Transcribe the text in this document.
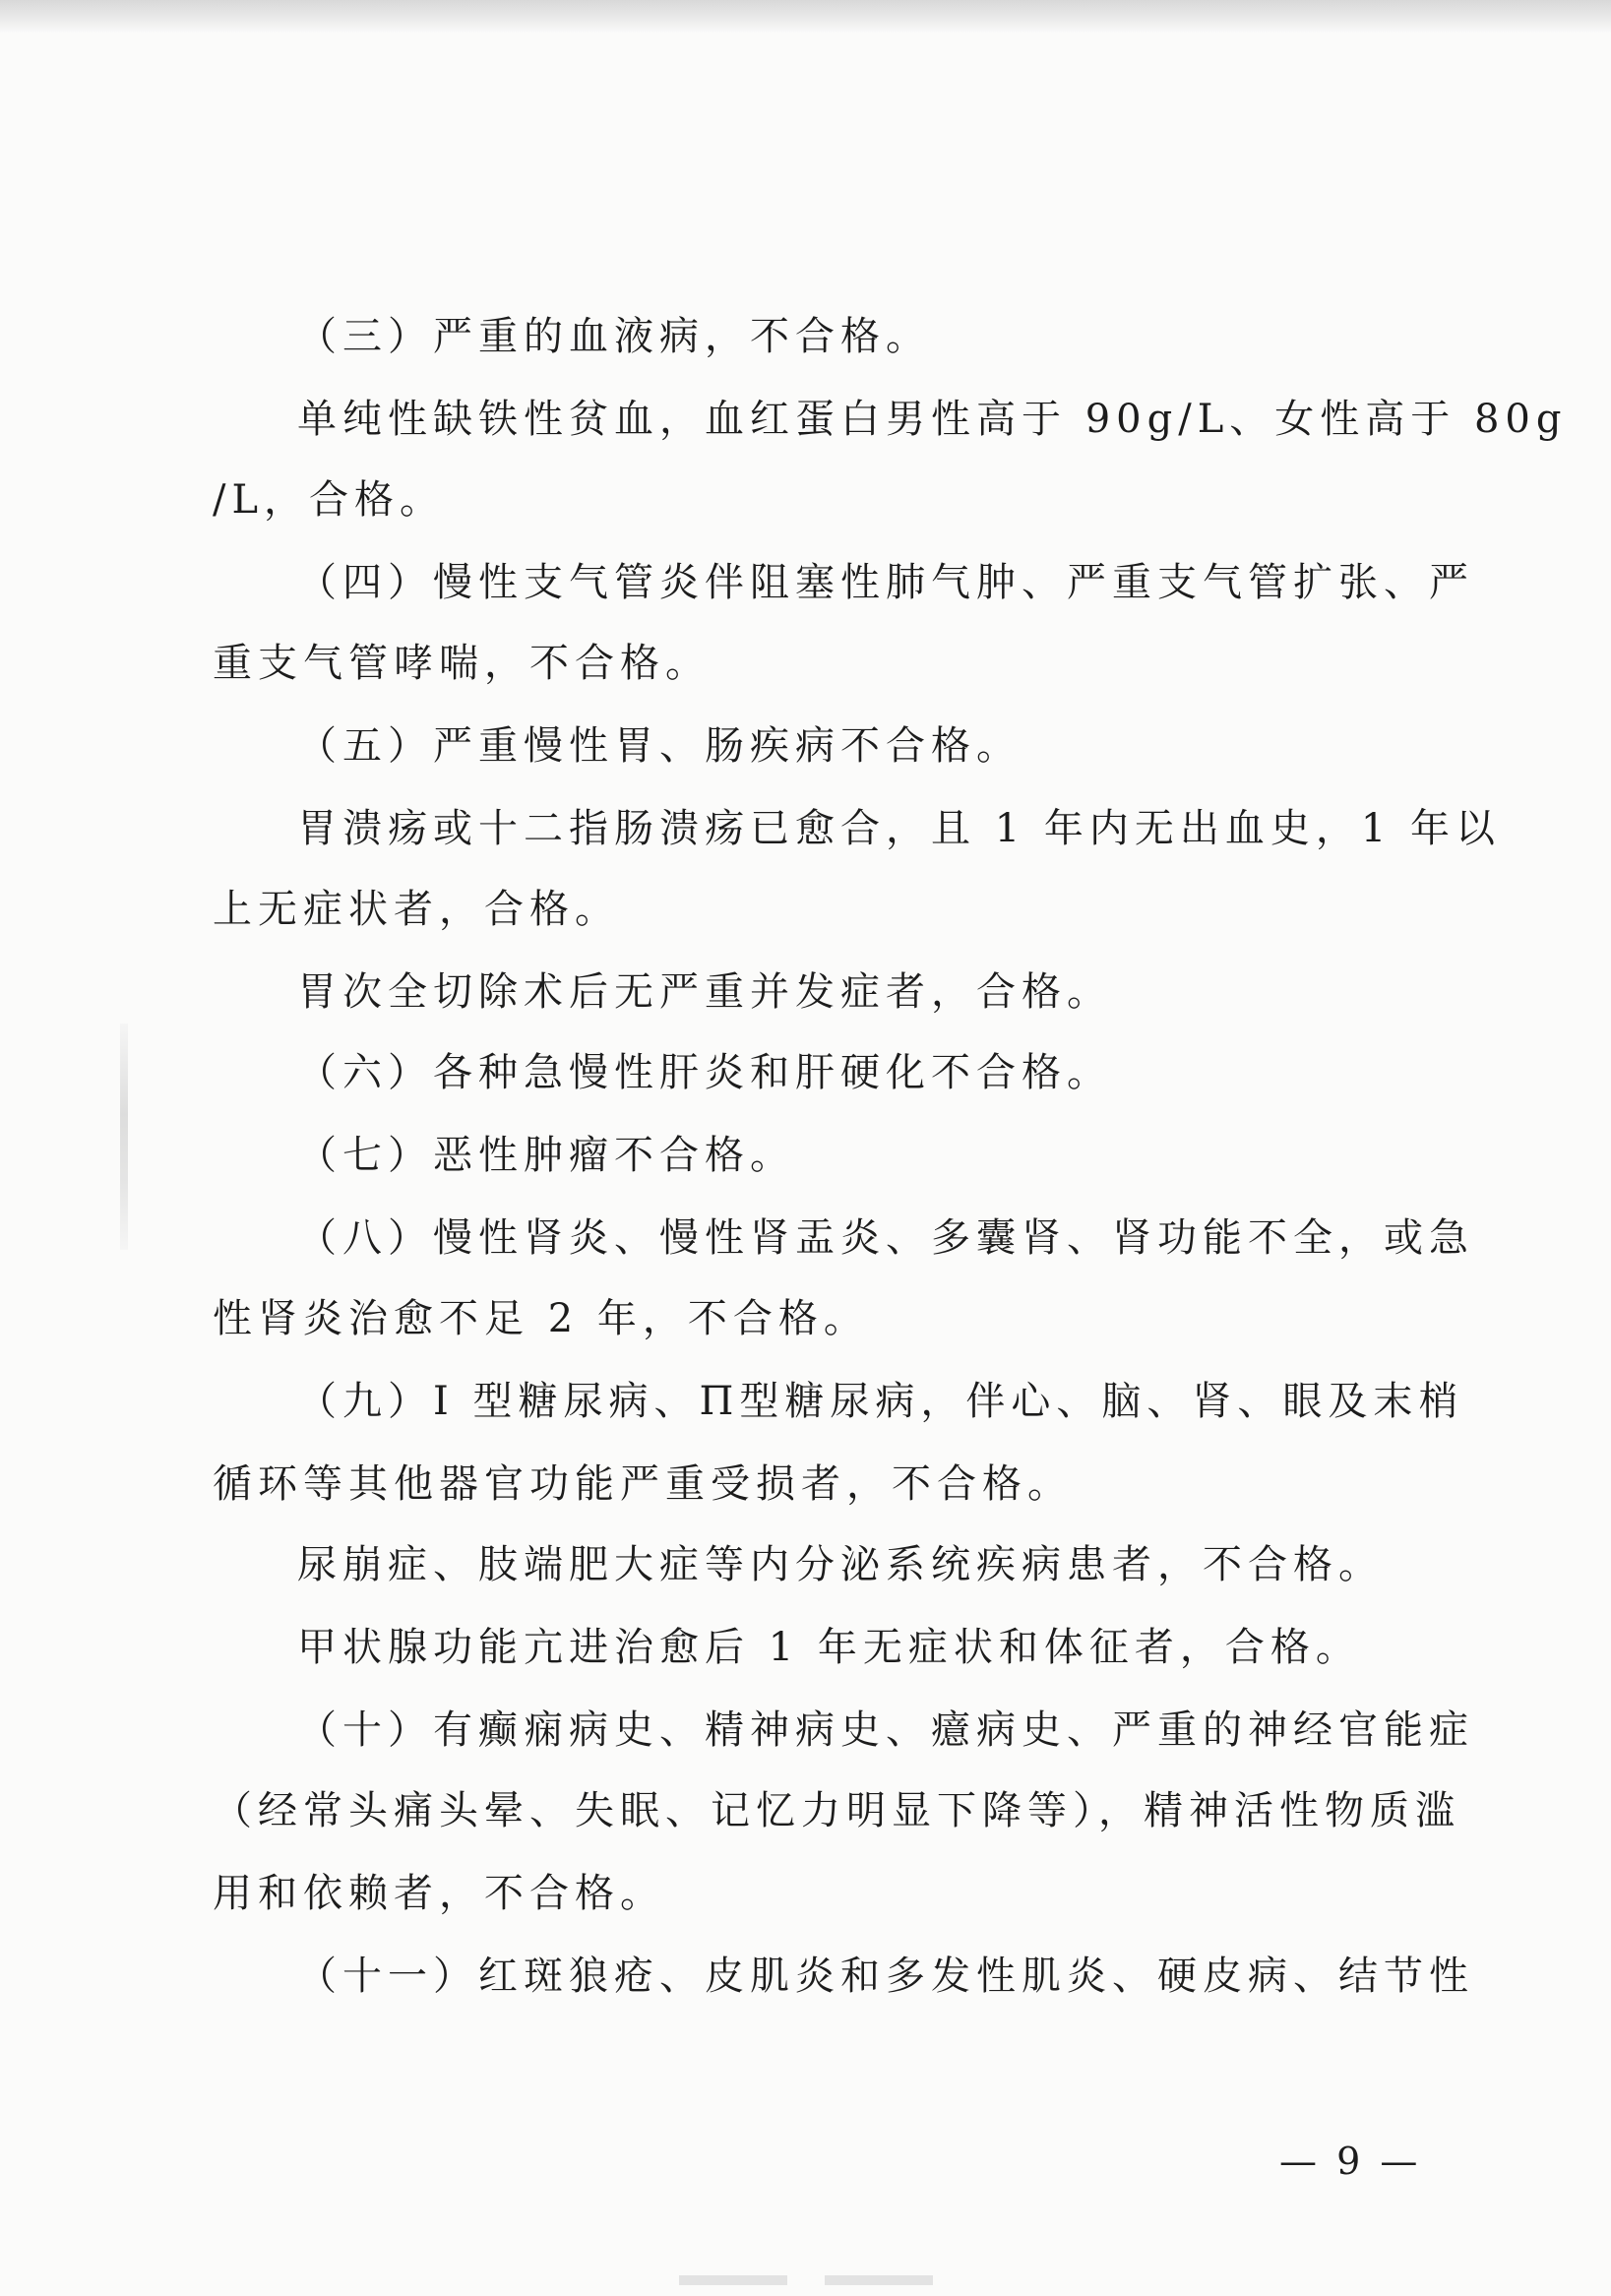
（三）严重的血液病，不合格。
单纯性缺铁性贫血，血红蛋白男性高于 90g/L、女性高于 80g
/L，合格。
（四）慢性支气管炎伴阻塞性肺气肿、严重支气管扩张、严
重支气管哮喘，不合格。
（五）严重慢性胃、肠疾病不合格。
胃溃疡或十二指肠溃疡已愈合，且 1 年内无出血史，1 年以
上无症状者，合格。
胃次全切除术后无严重并发症者，合格。
（六）各种急慢性肝炎和肝硬化不合格。
（七）恶性肿瘤不合格。
（八）慢性肾炎、慢性肾盂炎、多囊肾、肾功能不全，或急
性肾炎治愈不足 2 年，不合格。
（九）I 型糖尿病、Π型糖尿病，伴心、脑、肾、眼及末梢
循环等其他器官功能严重受损者，不合格。
尿崩症、肢端肥大症等内分泌系统疾病患者，不合格。
甲状腺功能亢进治愈后 1 年无症状和体征者，合格。
（十）有癫痫病史、精神病史、癔病史、严重的神经官能症
（经常头痛头晕、失眠、记忆力明显下降等），精神活性物质滥
用和依赖者，不合格。
（十一）红斑狼疮、皮肌炎和多发性肌炎、硬皮病、结节性
— 9 —
